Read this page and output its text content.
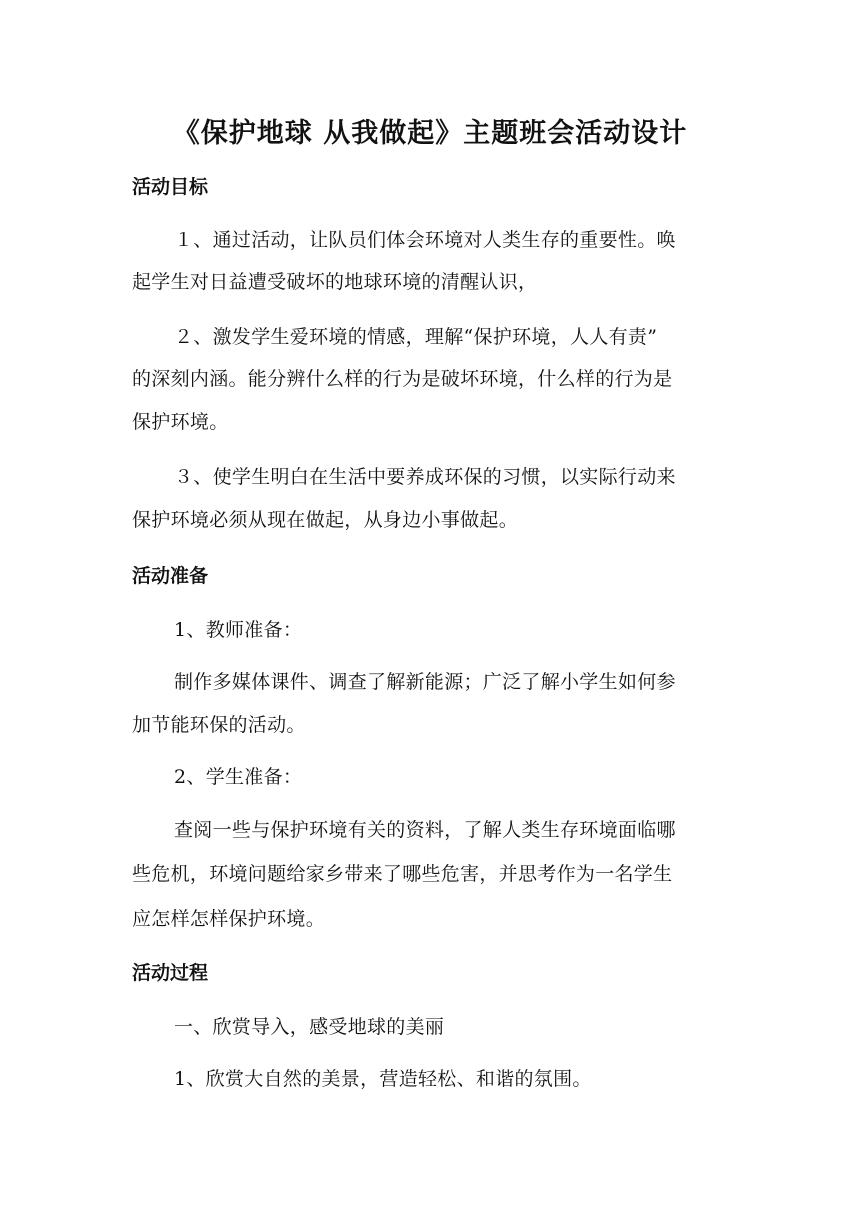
《保护地球 从我做起》主题班会活动设计
活动目标
１、通过活动，让队员们体会环境对人类生存的重要性。唤
起学生对日益遭受破坏的地球环境的清醒认识，
２、激发学生爱环境的情感，理解“保护环境，人人有责”
的深刻内涵。能分辨什么样的行为是破坏环境，什么样的行为是
保护环境。
３、使学生明白在生活中要养成环保的习惯，以实际行动来
保护环境必须从现在做起，从身边小事做起。
活动准备
1、教师准备：
制作多媒体课件、调查了解新能源；广泛了解小学生如何参
加节能环保的活动。
2、学生准备：
查阅一些与保护环境有关的资料，了解人类生存环境面临哪
些危机，环境问题给家乡带来了哪些危害，并思考作为一名学生
应怎样怎样保护环境。
活动过程
一、欣赏导入，感受地球的美丽
1、欣赏大自然的美景，营造轻松、和谐的氛围。
